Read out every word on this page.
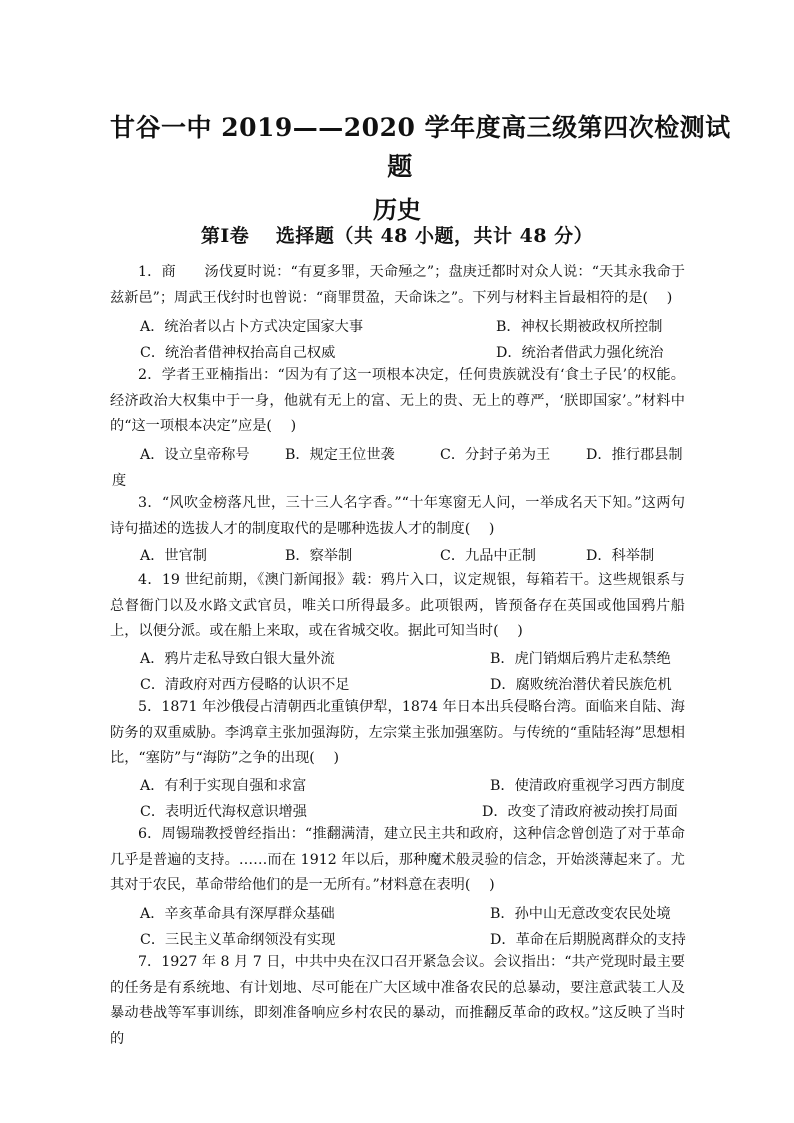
甘谷一中 2019——2020 学年度高三级第四次检测试
题
历史
第Ⅰ卷　 选择题（共 48 小题，共计 48 分）
1．商　　汤伐夏时说：“有夏多罪，天命殛之”；盘庚迁都时对众人说：“天其永我命于兹新邑”；周武王伐纣时也曾说：“商罪贯盈，天命诛之”。下列与材料主旨最相符的是(　 )
A．统治者以占卜方式决定国家大事	B．神权长期被政权所控制
C．统治者借神权抬高自己权威	D．统治者借武力强化统治
2．学者王亚楠指出：“因为有了这一项根本决定，任何贵族就没有‘食土子民’的权能。经济政治大权集中于一身，他就有无上的富、无上的贵、无上的尊严，‘朕即国家’。”材料中的“这一项根本决定”应是(　 )
A．设立皇帝称号 B．规定王位世袭	C．分封子弟为王	D．推行郡县制
度
3．“风吹金榜落凡世，三十三人名字香。”“十年寒窗无人问，一举成名天下知。”这两句诗句描述的选拔人才的制度取代的是哪种选拔人才的制度(　 )
A．世官制	B．察举制	C．九品中正制	D．科举制
4．19 世纪前期，《澳门新闻报》载：鸦片入口，议定规银，每箱若干。这些规银系与总督衙门以及水路文武官员，唯关口所得最多。此项银两，皆预备存在英国或他国鸦片船上，以便分派。或在船上来取，或在省城交收。据此可知当时(　 )
A．鸦片走私导致白银大量外流	B．虎门销烟后鸦片走私禁绝
C．清政府对西方侵略的认识不足	D．腐败统治潜伏着民族危机
5．1871 年沙俄侵占清朝西北重镇伊犁，1874 年日本出兵侵略台湾。面临来自陆、海防务的双重威胁。李鸿章主张加强海防，左宗棠主张加强塞防。与传统的“重陆轻海”思想相比，“塞防”与“海防”之争的出现(　 )
A．有利于实现自强和求富	B．使清政府重视学习西方制度
C．表明近代海权意识增强	D．改变了清政府被动挨打局面
6．周锡瑞教授曾经指出：“推翻满清，建立民主共和政府，这种信念曾创造了对于革命几乎是普遍的支持。……而在 1912 年以后，那种魔术般灵验的信念，开始淡薄起来了。尤其对于农民，革命带给他们的是一无所有。”材料意在表明(　 )
A．辛亥革命具有深厚群众基础	B．孙中山无意改变农民处境
C．三民主义革命纲领没有实现	D．革命在后期脱离群众的支持
7．1927 年 8 月 7 日，中共中央在汉口召开紧急会议。会议指出：“共产党现时最主要的任务是有系统地、有计划地、尽可能在广大区域中准备农民的总暴动，要注意武装工人及暴动巷战等军事训练，即刻准备响应乡村农民的暴动，而推翻反革命的政权。”这反映了当时的
